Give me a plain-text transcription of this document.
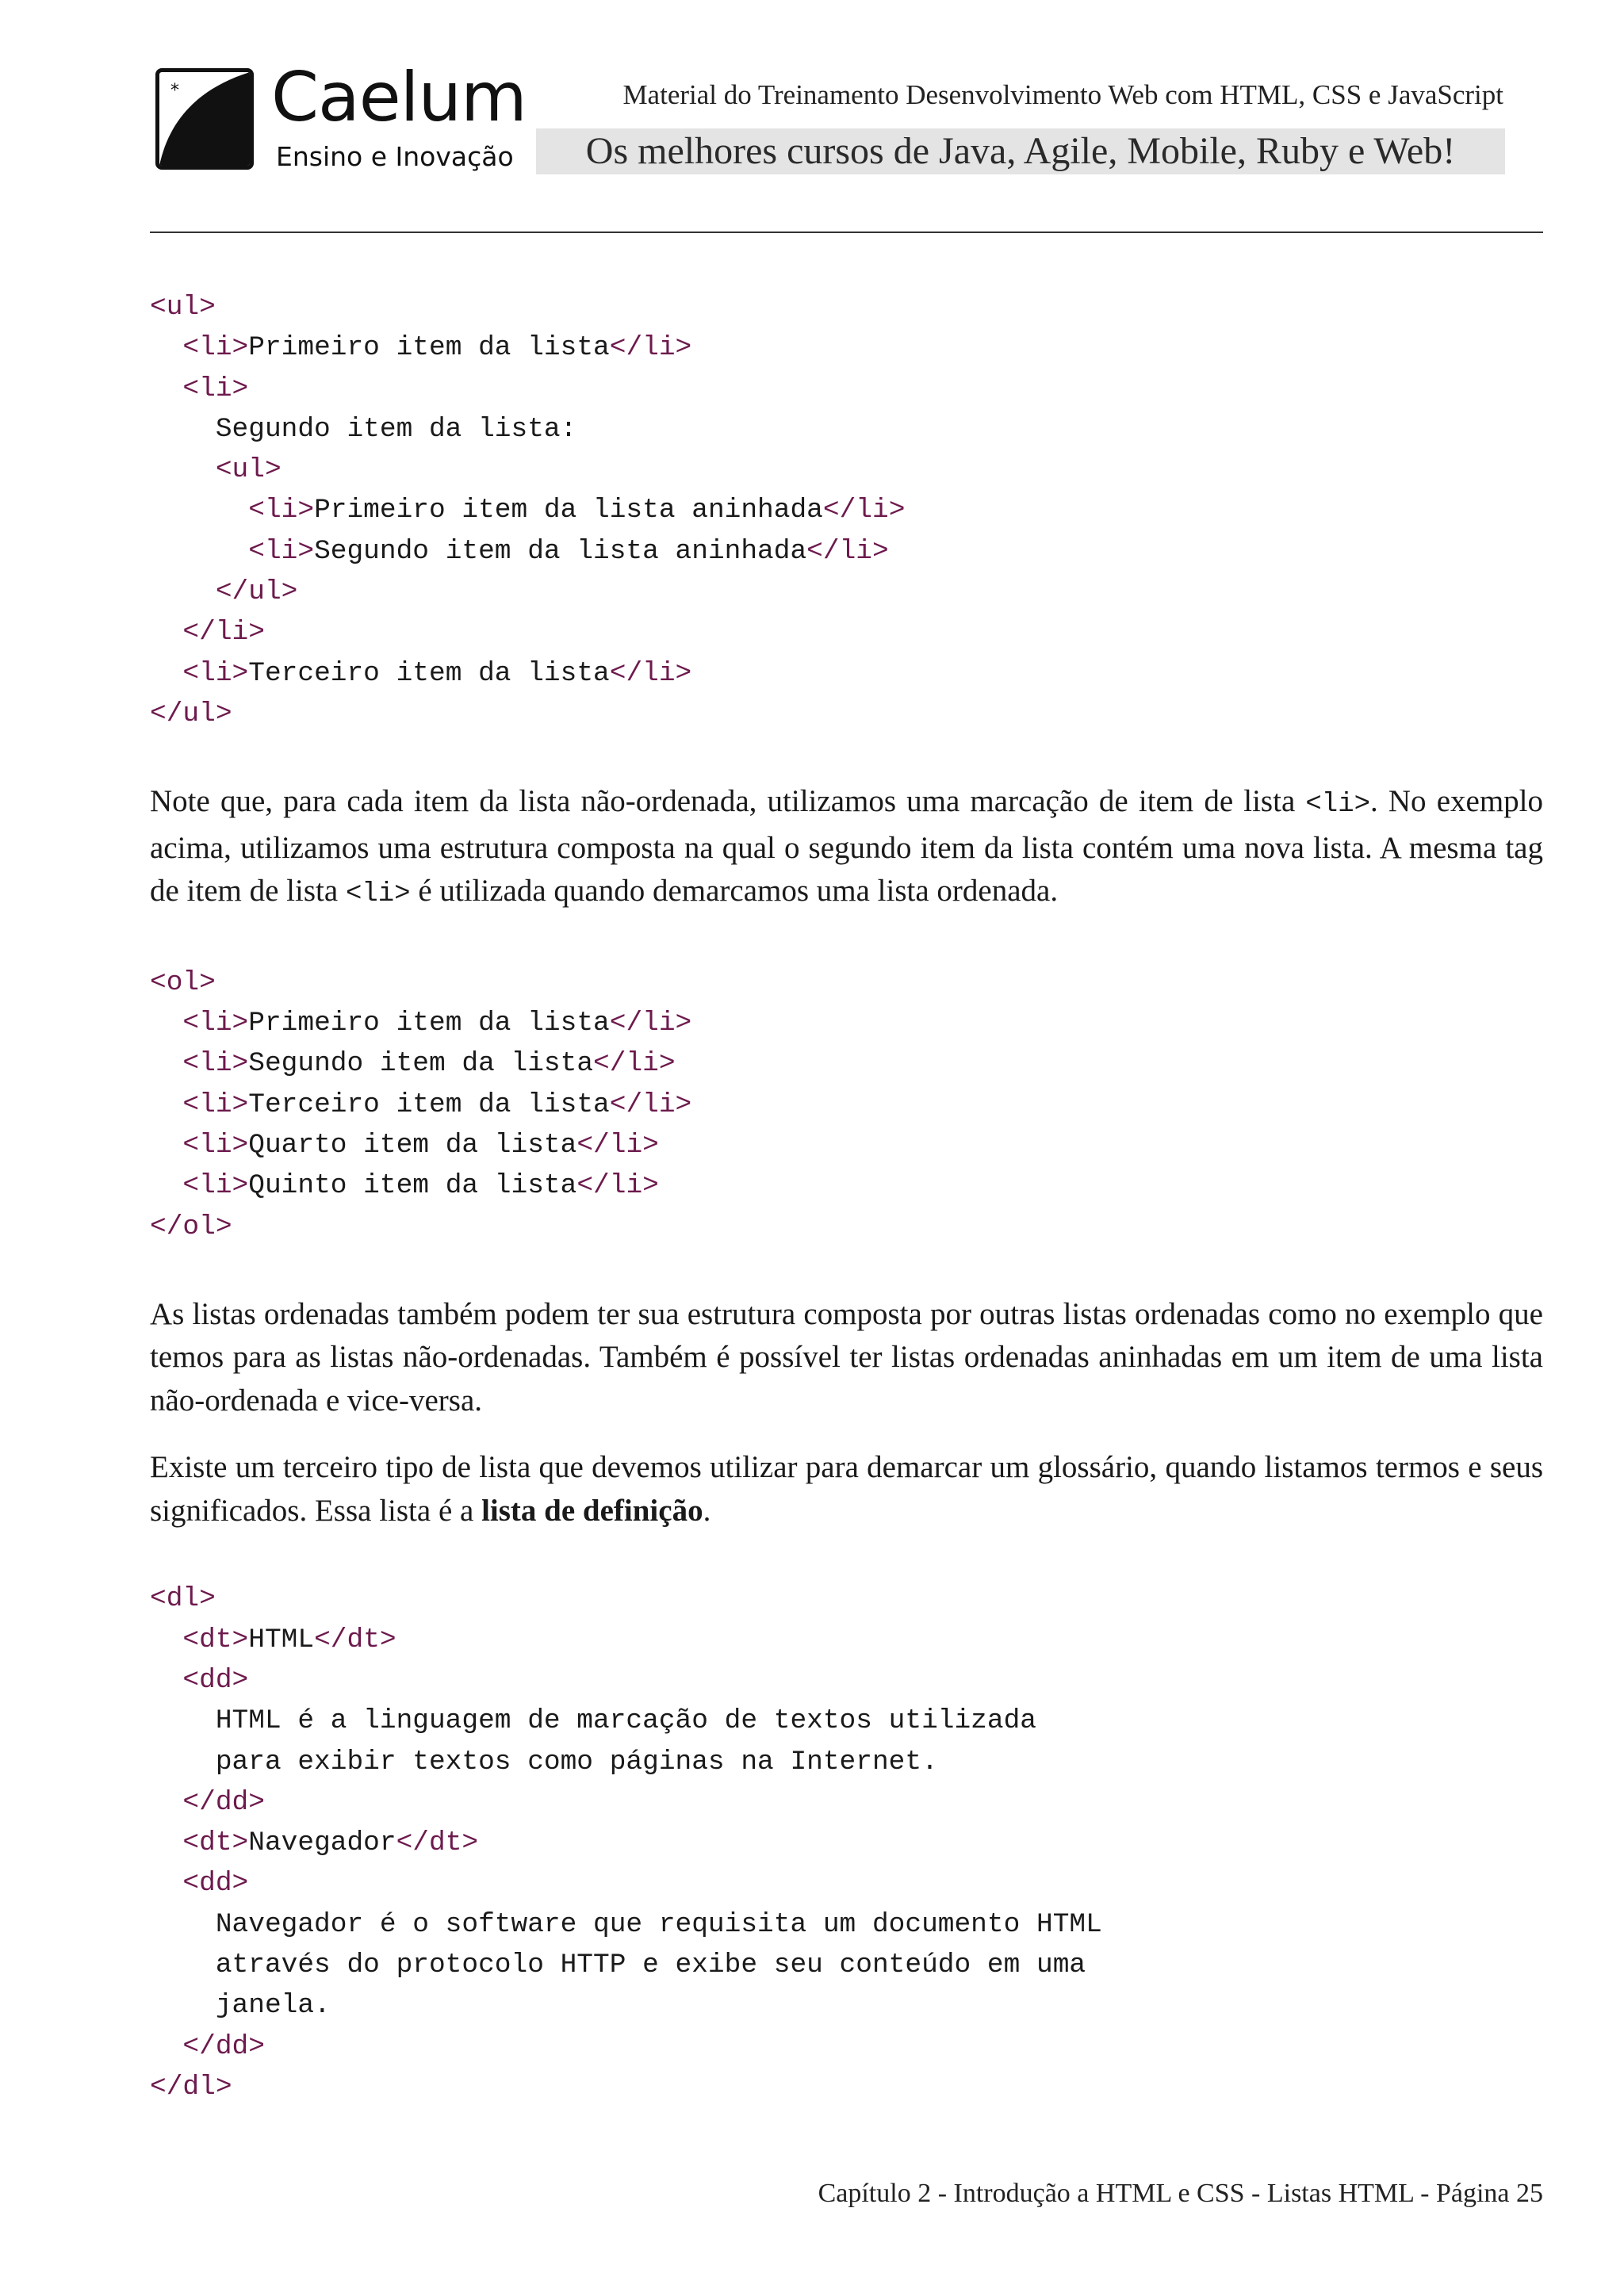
* Caelum
Ensino e Inovação
Material do Treinamento Desenvolvimento Web com HTML, CSS e JavaScript
Os melhores cursos de Java, Agile, Mobile, Ruby e Web!
<ul>
<li>Primeiro item da lista</li>
<li>
Segundo item da lista:
<ul>
<li>Primeiro item da lista aninhada</li>
<li>Segundo item da lista aninhada</li>
</ul>
</li>
<li>Terceiro item da lista</li>
</ul>

Note que, para cada item da lista não-ordenada, utilizamos uma marcação de item de lista <li>. No exemplo acima, utilizamos uma estrutura composta na qual o segundo item da lista contém uma nova lista. A mesma tag de item de lista <li> é utilizada quando demarcamos uma lista ordenada.

<ol>
<li>Primeiro item da lista</li>
<li>Segundo item da lista</li>
<li>Terceiro item da lista</li>
<li>Quarto item da lista</li>
<li>Quinto item da lista</li>
</ol>

As listas ordenadas também podem ter sua estrutura composta por outras listas ordenadas como no exemplo que temos para as listas não-ordenadas. Também é possível ter listas ordenadas aninhadas em um item de uma lista não-ordenada e vice-versa.

Existe um terceiro tipo de lista que devemos utilizar para demarcar um glossário, quando listamos termos e seus significados. Essa lista é a lista de definição.

<dl>
<dt>HTML</dt>
<dd>
HTML é a linguagem de marcação de textos utilizada
para exibir textos como páginas na Internet.
</dd>
<dt>Navegador</dt>
<dd>
Navegador é o software que requisita um documento HTML
através do protocolo HTTP e exibe seu conteúdo em uma
janela.
</dd>
</dl>
Capítulo 2 - Introdução a HTML e CSS - Listas HTML - Página 25
